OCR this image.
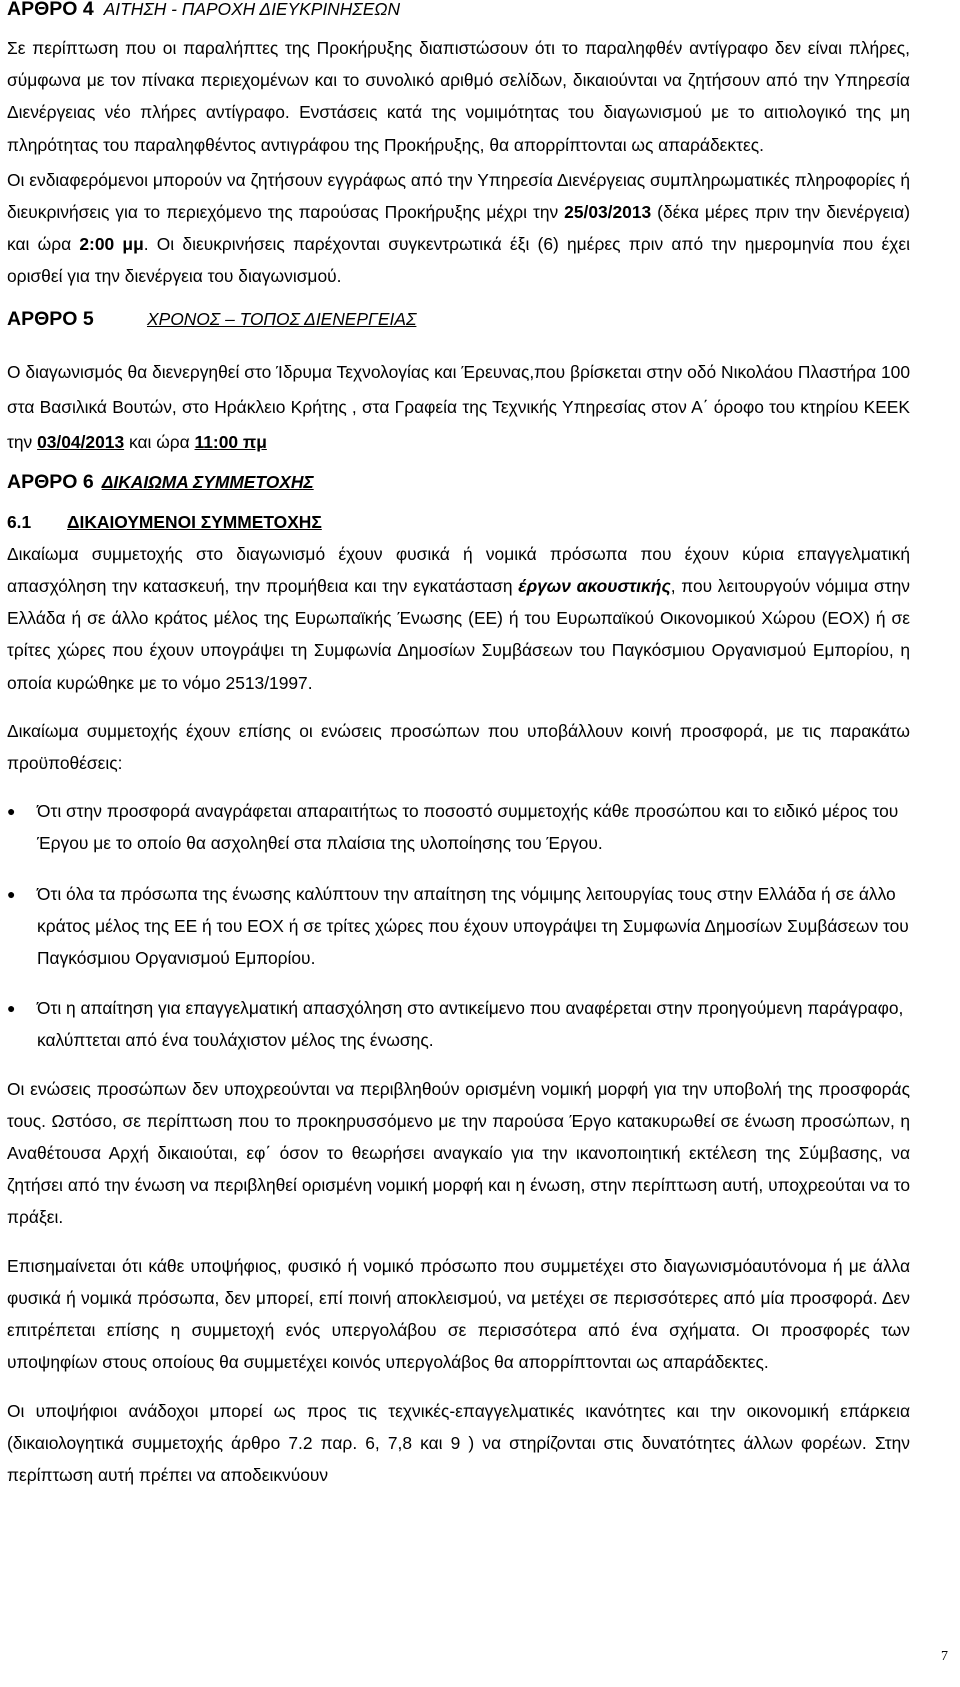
ΑΡΘΡΟ 4 ΑΙΤΗΣΗ - ΠΑΡΟΧΗ ΔΙΕΥΚΡΙΝΗΣΕΩΝ

Σε περίπτωση που οι παραλήπτες της Προκήρυξης διαπιστώσουν ότι το παραληφθέν αντίγραφο δεν είναι πλήρες, σύμφωνα με τον πίνακα περιεχομένων και το συνολικό αριθμό σελίδων, δικαιούνται να ζητήσουν από την Υπηρεσία Διενέργειας νέο πλήρες αντίγραφο. Ενστάσεις κατά της νομιμότητας του διαγωνισμού με το αιτιολογικό της μη πληρότητας του παραληφθέντος αντιγράφου της Προκήρυξης, θα απορρίπτονται ως απαράδεκτες.

Οι ενδιαφερόμενοι μπορούν να ζητήσουν εγγράφως από την Υπηρεσία Διενέργειας συμπληρωματικές πληροφορίες ή διευκρινήσεις για το περιεχόμενο της παρούσας Προκήρυξης μέχρι την 25/03/2013 (δέκα μέρες πριν την διενέργεια) και ώρα 2:00 μμ. Οι διευκρινήσεις παρέχονται συγκεντρωτικά έξι (6) ημέρες πριν από την ημερομηνία που έχει ορισθεί για την διενέργεια του διαγωνισμού.

ΑΡΘΡΟ 5	ΧΡΟΝΟΣ – ΤΟΠΟΣ ΔΙΕΝΕΡΓΕΙΑΣ

Ο διαγωνισμός θα διενεργηθεί στο Ίδρυμα Τεχνολογίας και Έρευνας,που βρίσκεται στην οδό Νικολάου Πλαστήρα 100 στα Βασιλικά Βουτών, στο Ηράκλειο Κρήτης , στα Γραφεία της Τεχνικής Υπηρεσίας στον Α΄ όροφο του κτηρίου ΚΕΕΚ την 03/04/2013 και ώρα 11:00 πμ

ΑΡΘΡΟ 6 ΔΙΚΑΙΩΜΑ ΣΥΜΜΕΤΟΧΗΣ
6.1 ΔΙΚΑΙΟΥΜΕΝΟΙ ΣΥΜΜΕΤΟΧΗΣ

Δικαίωμα συμμετοχής στο διαγωνισμό έχουν φυσικά ή νομικά πρόσωπα που έχουν κύρια επαγγελματική απασχόληση την κατασκευή, την προμήθεια και την εγκατάσταση έργων ακουστικής, που λειτουργούν νόμιμα στην Ελλάδα ή σε άλλο κράτος μέλος της Ευρωπαϊκής Ένωσης (ΕΕ) ή του Ευρωπαϊκού Οικονομικού Χώρου (ΕΟΧ) ή σε τρίτες χώρες που έχουν υπογράψει τη Συμφωνία Δημοσίων Συμβάσεων του Παγκόσμιου Οργανισμού Εμπορίου, η οποία κυρώθηκε με το νόμο 2513/1997.

Δικαίωμα συμμετοχής έχουν επίσης οι ενώσεις προσώπων που υποβάλλουν κοινή προσφορά, με τις παρακάτω προϋποθέσεις:

● Ότι στην προσφορά αναγράφεται απαραιτήτως το ποσοστό συμμετοχής κάθε προσώπου και το ειδικό μέρος του Έργου με το οποίο θα ασχοληθεί στα πλαίσια της υλοποίησης του Έργου.
● Ότι όλα τα πρόσωπα της ένωσης καλύπτουν την απαίτηση της νόμιμης λειτουργίας τους στην Ελλάδα ή σε άλλο κράτος μέλος της ΕΕ ή του ΕΟΧ ή σε τρίτες χώρες που έχουν υπογράψει τη Συμφωνία Δημοσίων Συμβάσεων του Παγκόσμιου Οργανισμού Εμπορίου.
● Ότι η απαίτηση για επαγγελματική απασχόληση στο αντικείμενο που αναφέρεται στην προηγούμενη παράγραφο, καλύπτεται από ένα τουλάχιστον μέλος της ένωσης.

Οι ενώσεις προσώπων δεν υποχρεούνται να περιβληθούν ορισμένη νομική μορφή για την υποβολή της προσφοράς τους. Ωστόσο, σε περίπτωση που το προκηρυσσόμενο με την παρούσα Έργο κατακυρωθεί σε ένωση προσώπων, η Αναθέτουσα Αρχή δικαιούται, εφ΄ όσον το θεωρήσει αναγκαίο για την ικανοποιητική εκτέλεση της Σύμβασης, να ζητήσει από την ένωση να περιβληθεί ορισμένη νομική μορφή και η ένωση, στην περίπτωση αυτή, υποχρεούται να το πράξει.

Επισημαίνεται ότι κάθε υποψήφιος, φυσικό ή νομικό πρόσωπο που συμμετέχει στο διαγωνισμόαυτόνομα ή με άλλα φυσικά ή νομικά πρόσωπα, δεν μπορεί, επί ποινή αποκλεισμού, να μετέχει σε περισσότερες από μία προσφορά. Δεν επιτρέπεται επίσης η συμμετοχή ενός υπεργολάβου σε περισσότερα από ένα σχήματα. Οι προσφορές των υποψηφίων στους οποίους θα συμμετέχει κοινός υπεργολάβος θα απορρίπτονται ως απαράδεκτες.

Οι υποψήφιοι ανάδοχοι μπορεί ως προς τις τεχνικές-επαγγελματικές ικανότητες και την οικονομική επάρκεια (δικαιολογητικά συμμετοχής άρθρο 7.2 παρ. 6, 7,8 και 9 ) να στηρίζονται στις δυνατότητες άλλων φορέων. Στην περίπτωση αυτή πρέπει να αποδεικνύουν

7
